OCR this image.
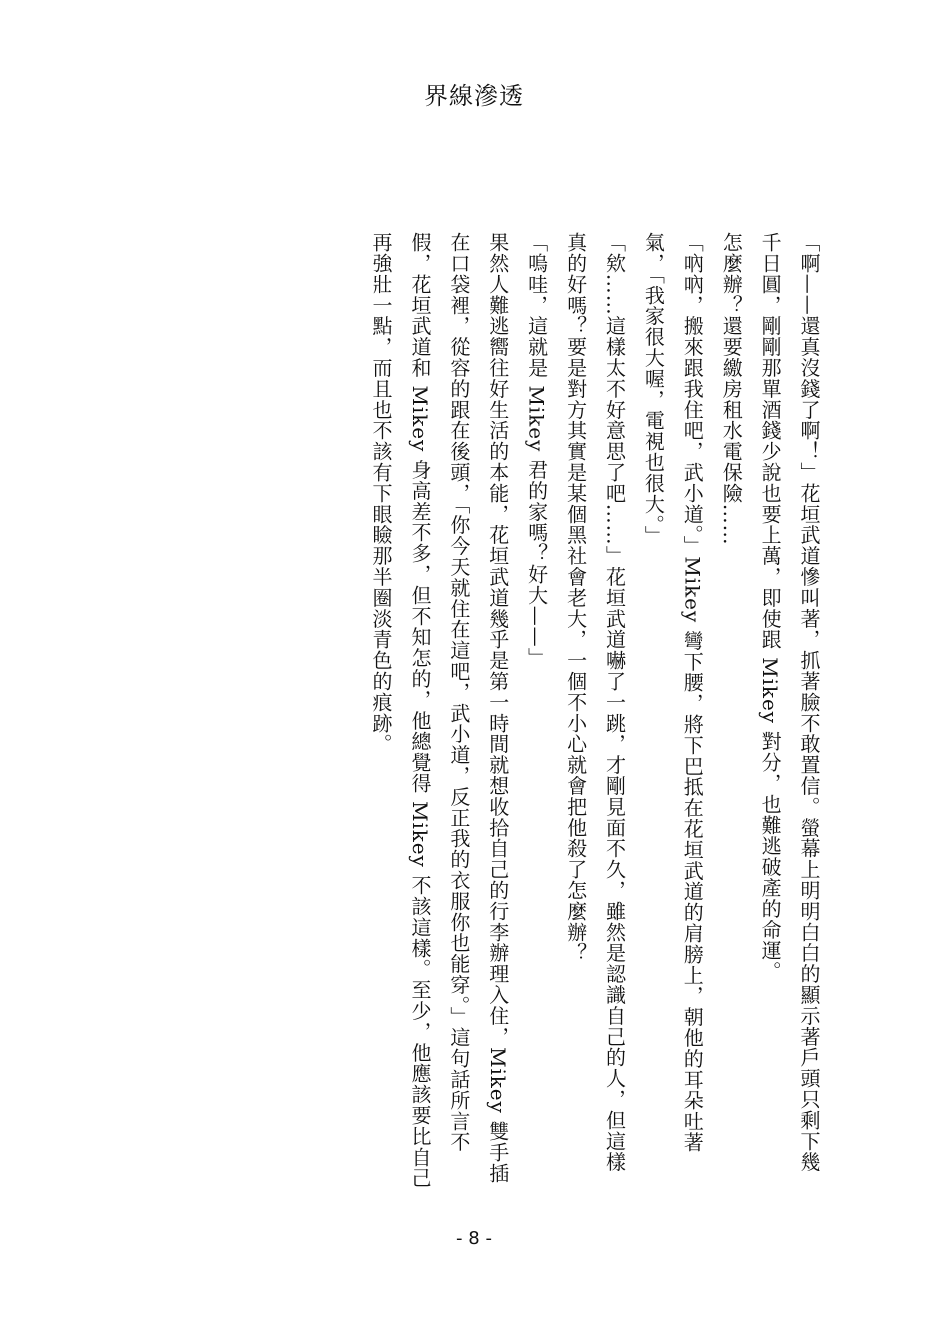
界線滲透

「啊——還真沒錢了啊！」花垣武道慘叫著，抓著臉不敢置信。螢幕上明明白白的顯示著戶頭只剩下幾千日圓，剛剛那單酒錢少說也要上萬，即使跟 Mikey 對分，也難逃破產的命運。

怎麼辦？還要繳房租水電保險……

「吶吶，搬來跟我住吧，武小道。」Mikey 彎下腰，將下巴抵在花垣武道的肩膀上，朝他的耳朵吐著氣，「我家很大喔，電視也很大。」

「欸……這樣太不好意思了吧……」花垣武道嚇了一跳，才剛見面不久，雖然是認識自己的人，但這樣真的好嗎？要是對方其實是某個黑社會老大，一個不小心就會把他殺了怎麼辦？

「嗚哇，這就是 Mikey 君的家嗎？好大——」

果然人難逃嚮往好生活的本能，花垣武道幾乎是第一時間就想收拾自己的行李辦理入住，Mikey 雙手插在口袋裡，從容的跟在後頭，「你今天就住在這吧，武小道，反正我的衣服你也能穿。」這句話所言不假，花垣武道和 Mikey 身高差不多，但不知怎的，他總覺得 Mikey 不該這樣。至少，他應該要比自己再強壯一點，而且也不該有下眼瞼那半圈淡青色的痕跡。

- 8 -
